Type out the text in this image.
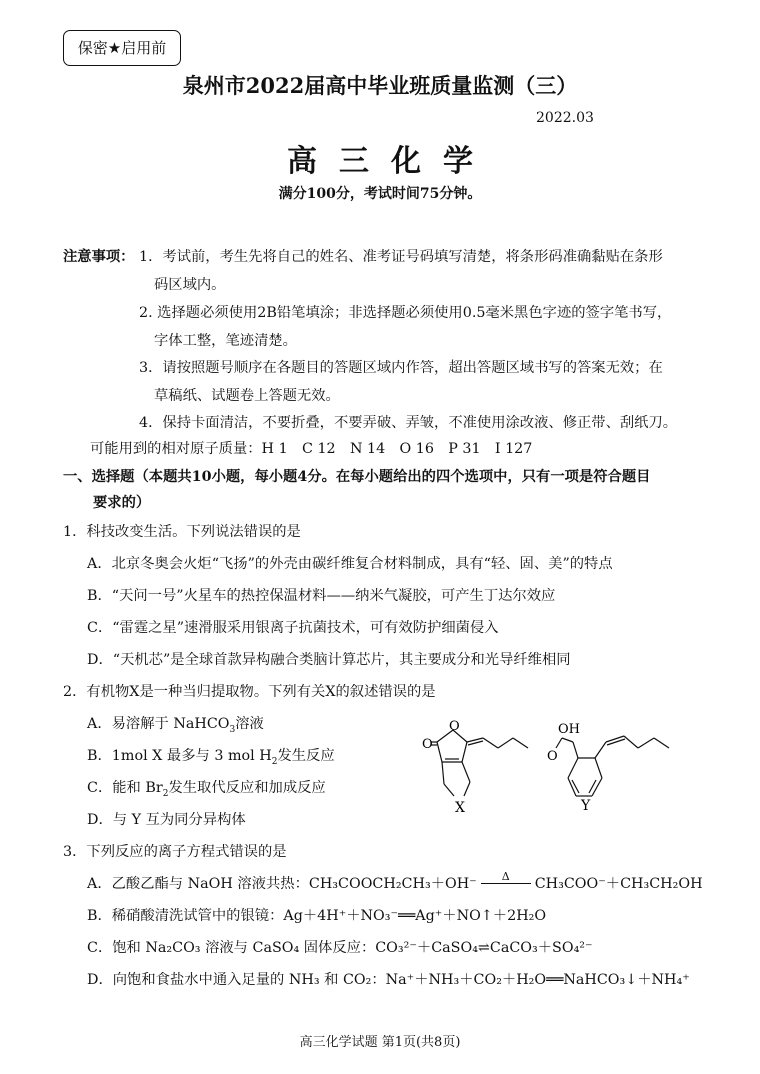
保密★启用前
泉州市2022届高中毕业班质量监测（三）
2022.03
高三化学
满分100分，考试时间75分钟。
注意事项： 1．考试前，考生先将自己的姓名、准考证号码填写清楚，将条形码准确黏贴在条形
码区域内。
2. 选择题必须使用2B铅笔填涂；非选择题必须使用0.5毫米黑色字迹的签字笔书写，
字体工整，笔迹清楚。
3．请按照题号顺序在各题目的答题区域内作答，超出答题区域书写的答案无效；在
草稿纸、试题卷上答题无效。
4．保持卡面清洁，不要折叠，不要弄破、弄皱，不准使用涂改液、修正带、刮纸刀。
可能用到的相对原子质量：H 1　C 12　N 14　O 16　P 31　I 127
一、选择题（本题共10小题，每小题4分。在每小题给出的四个选项中，只有一项是符合题目
要求的）
1．科技改变生活。下列说法错误的是
A．北京冬奥会火炬“飞扬”的外壳由碳纤维复合材料制成，具有“轻、固、美”的特点
B．“天问一号”火星车的热控保温材料——纳米气凝胶，可产生丁达尔效应
C．“雷霆之星”速滑服采用银离子抗菌技术，可有效防护细菌侵入
D．“天机芯”是全球首款异构融合类脑计算芯片，其主要成分和光导纤维相同
2．有机物X是一种当归提取物。下列有关X的叙述错误的是
A．易溶解于 NaHCO$_3$溶液
B．1mol X 最多与 3 mol $H_2$发生反应
C．能和 $Br_2$发生取代反应和加成反应
D．与 Y 互为同分异构体
O
O
X
OH
O
Y
3．下列反应的离子方程式错误的是
A．乙酸乙酯与 NaOH 溶液共热：CH₃COOCH₂CH₃＋OH⁻ Δ CH₃COO⁻＋CH₃CH₂OH
B．稀硝酸清洗试管中的银镜：Ag＋4H⁺＋NO₃⁻══Ag⁺＋NO↑＋2H₂O
C．饱和 Na₂CO₃ 溶液与 CaSO₄ 固体反应：CO₃²⁻＋CaSO₄⇌CaCO₃＋SO₄²⁻
D．向饱和食盐水中通入足量的 NH₃ 和 CO₂：Na⁺＋NH₃＋CO₂＋H₂O══NaHCO₃↓＋NH₄⁺
高三化学试题 第1页(共8页)
